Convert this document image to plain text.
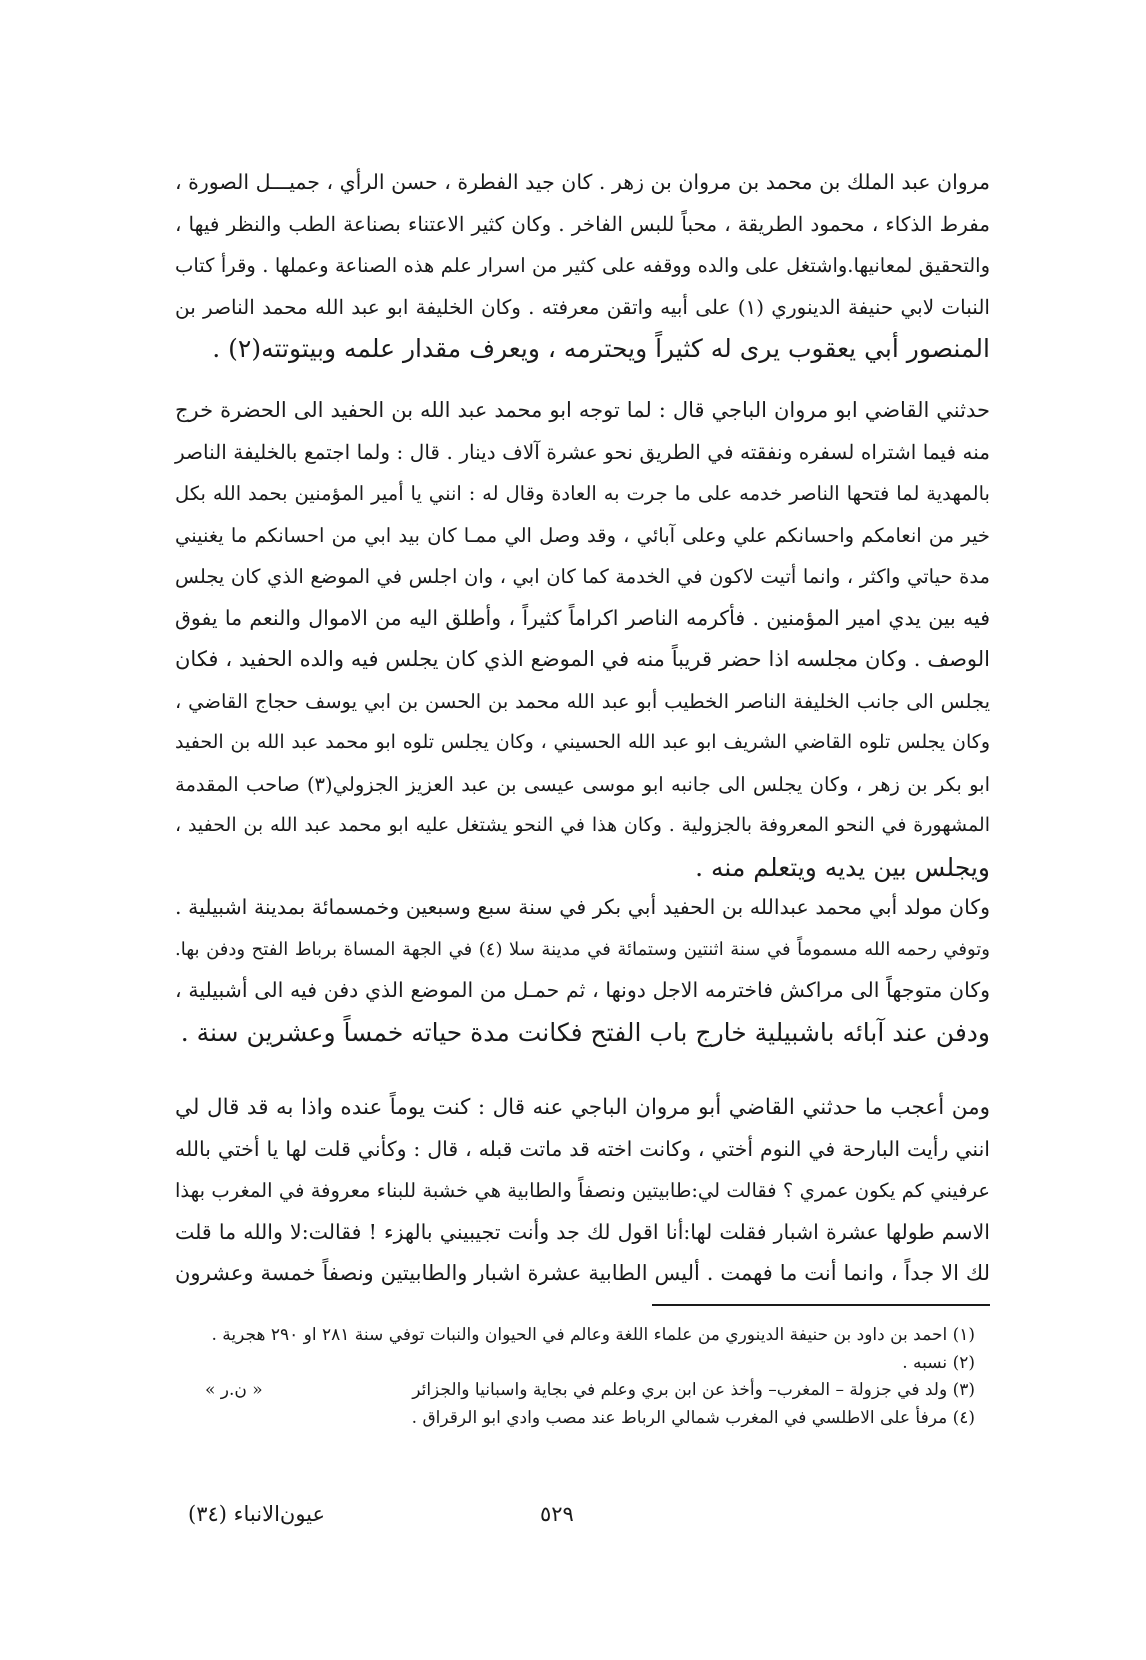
مروان عبد الملك بن محمد بن مروان بن زهر . كان جيد الفطرة ، حسن الرأي ، جميـــل الصورة ،
مفرط الذكاء ، محمود الطريقة ، محباً للبس الفاخر . وكان كثير الاعتناء بصناعة الطب والنظر فيها ،
والتحقيق لمعانيها.واشتغل على والده ووقفه على كثير من اسرار علم هذه الصناعة وعملها . وقرأ كتاب
النبات لابي حنيفة الدينوري (١) على أبيه واتقن معرفته . وكان الخليفة ابو عبد الله محمد الناصر بن
المنصور أبي يعقوب يرى له كثيراً ويحترمه ، ويعرف مقدار علمه وبيتوتته(٢) .
حدثني القاضي ابو مروان الباجي قال : لما توجه ابو محمد عبد الله بن الحفيد الى الحضرة خرج
منه فيما اشتراه لسفره ونفقته في الطريق نحو عشرة آلاف دينار . قال : ولما اجتمع بالخليفة الناصر
بالمهدية لما فتحها الناصر خدمه على ما جرت به العادة وقال له : انني يا أمير المؤمنين بحمد الله بكل
خير من انعامكم واحسانكم علي وعلى آبائي ، وقد وصل الي ممـا كان بيد ابي من احسانكم ما يغنيني
مدة حياتي واكثر ، وانما أتيت لاكون في الخدمة كما كان ابي ، وان اجلس في الموضع الذي كان يجلس
فيه بين يدي امير المؤمنين . فأكرمه الناصر اكراماً كثيراً ، وأطلق اليه من الاموال والنعم ما يفوق
الوصف . وكان مجلسه اذا حضر قريباً منه في الموضع الذي كان يجلس فيه والده الحفيد ، فكان
يجلس الى جانب الخليفة الناصر الخطيب أبو عبد الله محمد بن الحسن بن ابي يوسف حجاج القاضي ،
وكان يجلس تلوه القاضي الشريف ابو عبد الله الحسيني ، وكان يجلس تلوه ابو محمد عبد الله بن الحفيد
ابو بكر بن زهر ، وكان يجلس الى جانبه ابو موسى عيسى بن عبد العزيز الجزولي(٣) صاحب المقدمة
المشهورة في النحو المعروفة بالجزولية . وكان هذا في النحو يشتغل عليه ابو محمد عبد الله بن الحفيد ،
ويجلس بين يديه ويتعلم منه .
وكان مولد أبي محمد عبدالله بن الحفيد أبي بكر في سنة سبع وسبعين وخمسمائة بمدينة اشبيلية .
وتوفي رحمه الله مسموماً في سنة اثنتين وستمائة في مدينة سلا (٤) في الجهة المساة برباط الفتح ودفن بها.
وكان متوجهاً الى مراكش فاخترمه الاجل دونها ، ثم حمـل من الموضع الذي دفن فيه الى أشبيلية ،
ودفن عند آبائه باشبيلية خارج باب الفتح فكانت مدة حياته خمساً وعشرين سنة .
ومن أعجب ما حدثني القاضي أبو مروان الباجي عنه قال : كنت يوماً عنده واذا به قد قال لي
انني رأيت البارحة في النوم أختي ، وكانت اخته قد ماتت قبله ، قال : وكأني قلت لها يا أختي بالله
عرفيني كم يكون عمري ؟ فقالت لي:طابيتين ونصفاً والطابية هي خشبة للبناء معروفة في المغرب بهذا
الاسم طولها عشرة اشبار فقلت لها:أنا اقول لك جد وأنت تجيبيني بالهزء ! فقالت:لا والله ما قلت
لك الا جداً ، وانما أنت ما فهمت . أليس الطابية عشرة اشبار والطابيتين ونصفاً خمسة وعشرون
(١) احمد بن داود بن حنيفة الدينوري من علماء اللغة وعالم في الحيوان والنبات توفي سنة ٢٨١ او ٢٩٠ هجرية .
(٢) نسبه .
(٣) ولد في جزولة – المغرب– وأخذ عن ابن بري وعلم في بجاية واسبانيا والجزائر
« ن.ر »
(٤) مرفأ على الاطلسي في المغرب شمالي الرباط عند مصب وادي ابو الرقراق .
٥٢٩
عيون‌الانباء (٣٤)
